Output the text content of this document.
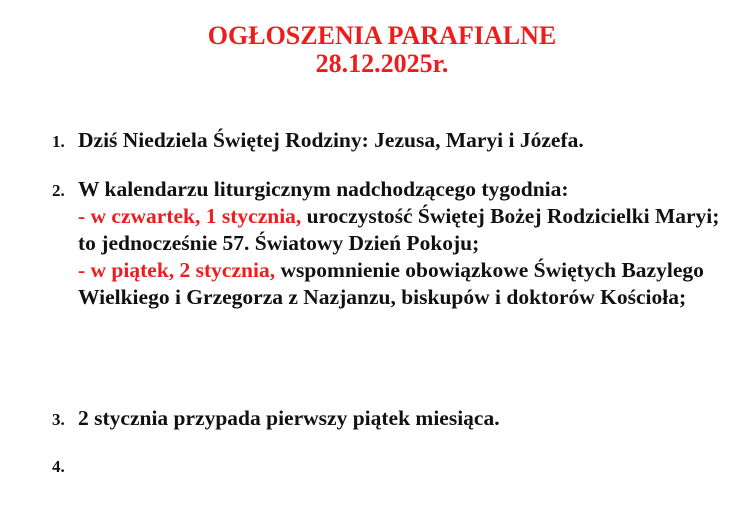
OGŁOSZENIA PARAFIALNE
28.12.2025r.
1. Dziś Niedziela Świętej Rodziny: Jezusa, Maryi i Józefa.
2. W kalendarzu liturgicznym nadchodzącego tygodnia:
- w czwartek, 1 stycznia, uroczystość Świętej Bożej Rodzicielki Maryi; to jednocześnie 57. Światowy Dzień Pokoju;
- w piątek, 2 stycznia, wspomnienie obowiązkowe Świętych Bazylego Wielkiego i Grzegorza z Nazjanzu, biskupów i doktorów Kościoła;
3. 2 stycznia przypada pierwszy piątek miesiąca.
4.
